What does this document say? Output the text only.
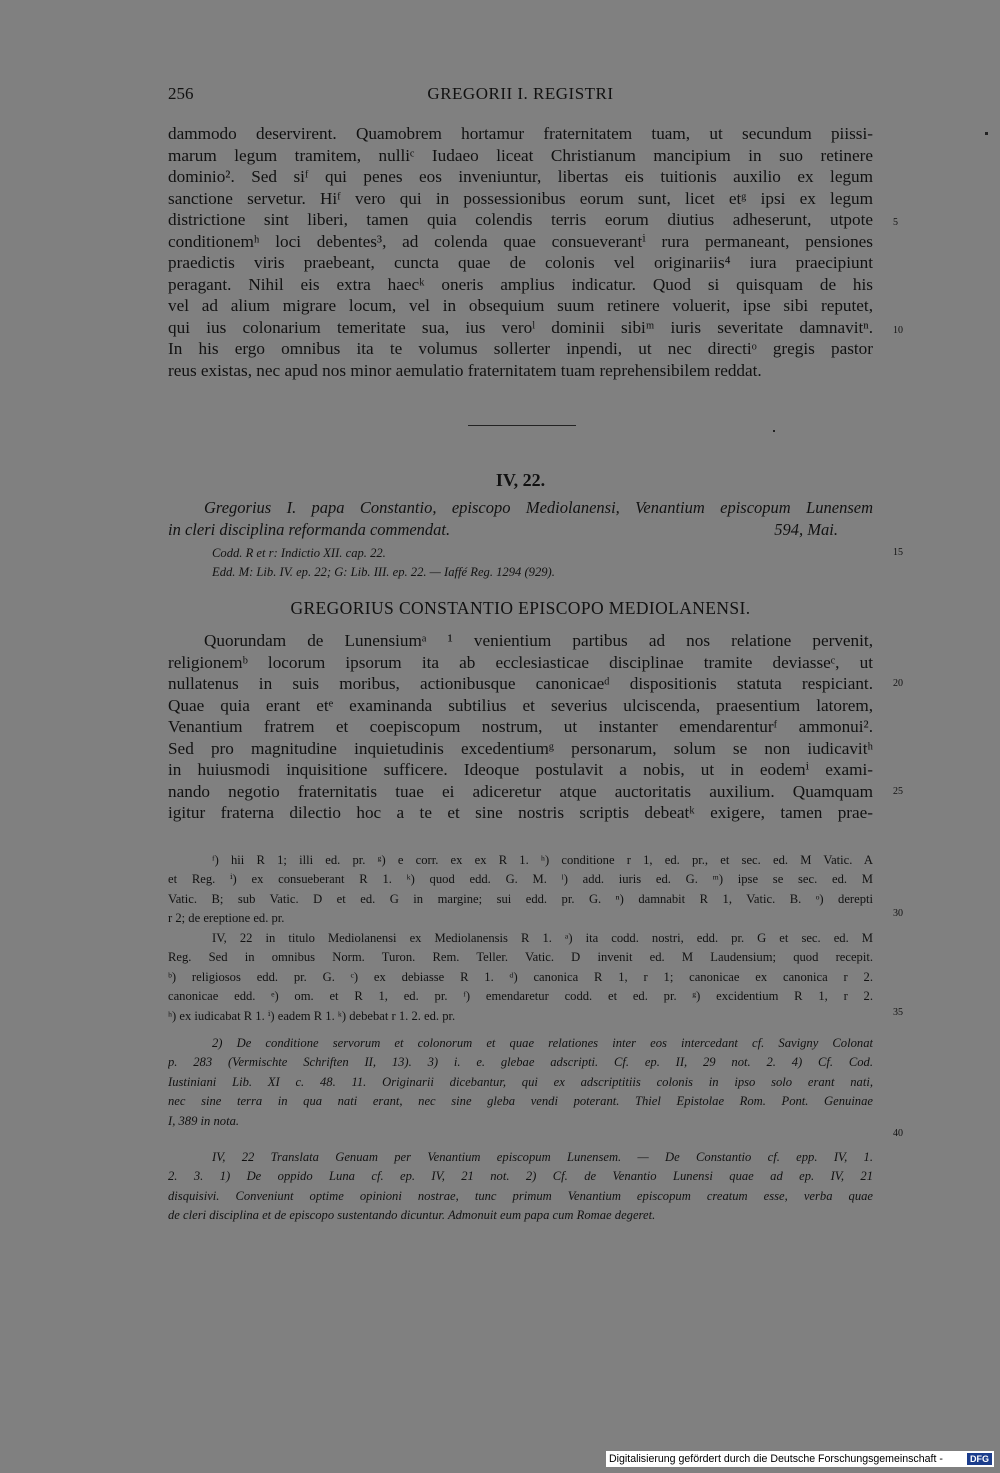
256	GREGORII I. REGISTRI
dammodo deservirent. Quamobrem hortamur fraternitatem tuam, ut secundum piissi-
marum legum tramitem, nulliᶜ Iudaeo liceat Christianum mancipium in suo retinere
dominio². Sed siᶠ qui penes eos inveniuntur, libertas eis tuitionis auxilio ex legum
sanctione servetur. Hiᶠ vero qui in possessionibus eorum sunt, licet etᵍ ipsi ex legum
districtione sint liberi, tamen quia colendis terris eorum diutius adheserunt, utpote
conditionemʰ loci debentes³, ad colenda quae consueverantⁱ rura permaneant, pensiones
praedictis viris praebeant, cuncta quae de colonis vel originariis⁴ iura praecipiunt
peragant. Nihil eis extra haecᵏ oneris amplius indicatur. Quod si quisquam de his
vel ad alium migrare locum, vel in obsequium suum retinere voluerit, ipse sibi reputet,
qui ius colonarium temeritate sua, ius veroˡ dominii sibiᵐ iuris severitate damnavitⁿ.
In his ergo omnibus ita te volumus sollerter inpendi, ut nec directiᵒ gregis pastor
reus existas, nec apud nos minor aemulatio fraternitatem tuam reprehensibilem reddat.
IV, 22.
Gregorius I. papa Constantio, episcopo Mediolanensi, Venantium episcopum Lunensem
in cleri disciplina reformanda commendat.	594, Mai.
Codd. R et r: Indictio XII. cap. 22.
Edd. M: Lib. IV. ep. 22; G: Lib. III. ep. 22. — Iaffé Reg. 1294 (929).
GREGORIUS CONSTANTIO EPISCOPO MEDIOLANENSI.
Quorundam de Lunensiumᵃ ¹ venientium partibus ad nos relatione pervenit,
religionemᵇ locorum ipsorum ita ab ecclesiasticae disciplinae tramite deviasseᶜ, ut
nullatenus in suis moribus, actionibusque canonicaeᵈ dispositionis statuta respiciant.
Quae quia erant etᵉ examinanda subtilius et severius ulciscenda, praesentium latorem,
Venantium fratrem et coepiscopum nostrum, ut instanter emendarenturᶠ ammonui².
Sed pro magnitudine inquietudinis excedentiumᵍ personarum, solum se non iudicavitʰ
in huiusmodi inquisitione sufficere. Ideoque postulavit a nobis, ut in eodemⁱ exami-
nando negotio fraternitatis tuae ei adiceretur atque auctoritatis auxilium. Quamquam
igitur fraterna dilectio hoc a te et sine nostris scriptis debeatᵏ exigere, tamen prae-
ᶠ) hii R 1; illi ed. pr. ᵍ) e corr. ex ex R 1. ʰ) conditione r 1, ed. pr., et sec. ed. M Vatic. A
et Reg. ⁱ) ex consueberant R 1. ᵏ) quod edd. G. M. ˡ) add. iuris ed. G. ᵐ) ipse se sec. ed. M
Vatic. B; sub Vatic. D et ed. G in margine; sui edd. pr. G. ⁿ) damnabit R 1, Vatic. B. ᵒ) derepti
r 2; de ereptione ed. pr.
IV, 22 in titulo Mediolanensi ex Mediolanensis R 1. ᵃ) ita codd. nostri, edd. pr. G et sec. ed. M
Reg. Sed in omnibus Norm. Turon. Rem. Teller. Vatic. D invenit ed. M Laudensium; quod recepit.
ᵇ) religiosos edd. pr. G. ᶜ) ex debiasse R 1. ᵈ) canonica R 1, r 1; canonicae ex canonica r 2.
canonicae edd. ᵉ) om. et R 1, ed. pr. ᶠ) emendaretur codd. et ed. pr. ᵍ) excidentium R 1, r 2.
ʰ) ex iudicabat R 1. ⁱ) eadem R 1. ᵏ) debebat r 1. 2. ed. pr.
2) De conditione servorum et colonorum et quae relationes inter eos intercedant cf. Savigny Colonat
p. 283 (Vermischte Schriften II, 13). 3) i. e. glebae adscripti. Cf. ep. II, 29 not. 2. 4) Cf. Cod.
Iustiniani Lib. XI c. 48. 11. Originarii dicebantur, qui ex adscriptitiis colonis in ipso solo erant nati,
nec sine terra in qua nati erant, nec sine gleba vendi poterant. Thiel Epistolae Rom. Pont. Genuinae
I, 389 in nota.
IV, 22 Translata Genuam per Venantium episcopum Lunensem. — De Constantio cf. epp. IV, 1.
2. 3. 1) De oppido Luna cf. ep. IV, 21 not. 2) Cf. de Venantio Lunensi quae ad ep. IV, 21
disquisivi. Conveniunt optime opinioni nostrae, tunc primum Venantium episcopum creatum esse, verba quae
de cleri disciplina et de episcopo sustentando dicuntur. Admonuit eum papa cum Romae degeret.
5
10
15
20
25
30
35
40
Digitalisierung gefördert durch die Deutsche Forschungsgemeinschaft -	DFG
